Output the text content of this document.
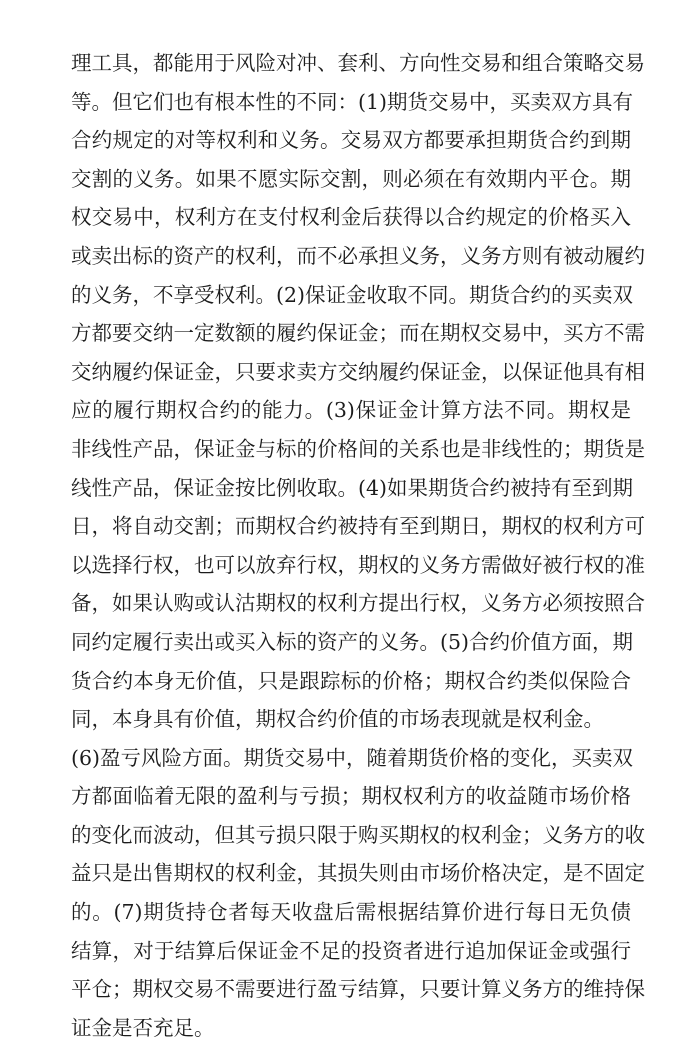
理工具，都能用于风险对冲、套利、方向性交易和组合策略交易
等。但它们也有根本性的不同：(1)期货交易中，买卖双方具有
合约规定的对等权利和义务。交易双方都要承担期货合约到期
交割的义务。如果不愿实际交割，则必须在有效期内平仓。期
权交易中，权利方在支付权利金后获得以合约规定的价格买入
或卖出标的资产的权利，而不必承担义务，义务方则有被动履约
的义务，不享受权利。(2)保证金收取不同。期货合约的买卖双
方都要交纳一定数额的履约保证金；而在期权交易中，买方不需
交纳履约保证金，只要求卖方交纳履约保证金，以保证他具有相
应的履行期权合约的能力。(3)保证金计算方法不同。期权是
非线性产品，保证金与标的价格间的关系也是非线性的；期货是
线性产品，保证金按比例收取。(4)如果期货合约被持有至到期
日，将自动交割；而期权合约被持有至到期日，期权的权利方可
以选择行权，也可以放弃行权，期权的义务方需做好被行权的准
备，如果认购或认沽期权的权利方提出行权，义务方必须按照合
同约定履行卖出或买入标的资产的义务。(5)合约价值方面，期
货合约本身无价值，只是跟踪标的价格；期权合约类似保险合
同，本身具有价值，期权合约价值的市场表现就是权利金。
(6)盈亏风险方面。期货交易中，随着期货价格的变化，买卖双
方都面临着无限的盈利与亏损；期权权利方的收益随市场价格
的变化而波动，但其亏损只限于购买期权的权利金；义务方的收
益只是出售期权的权利金，其损失则由市场价格决定，是不固定
的。(7)期货持仓者每天收盘后需根据结算价进行每日无负债
结算，对于结算后保证金不足的投资者进行追加保证金或强行
平仓；期权交易不需要进行盈亏结算，只要计算义务方的维持保
证金是否充足。
